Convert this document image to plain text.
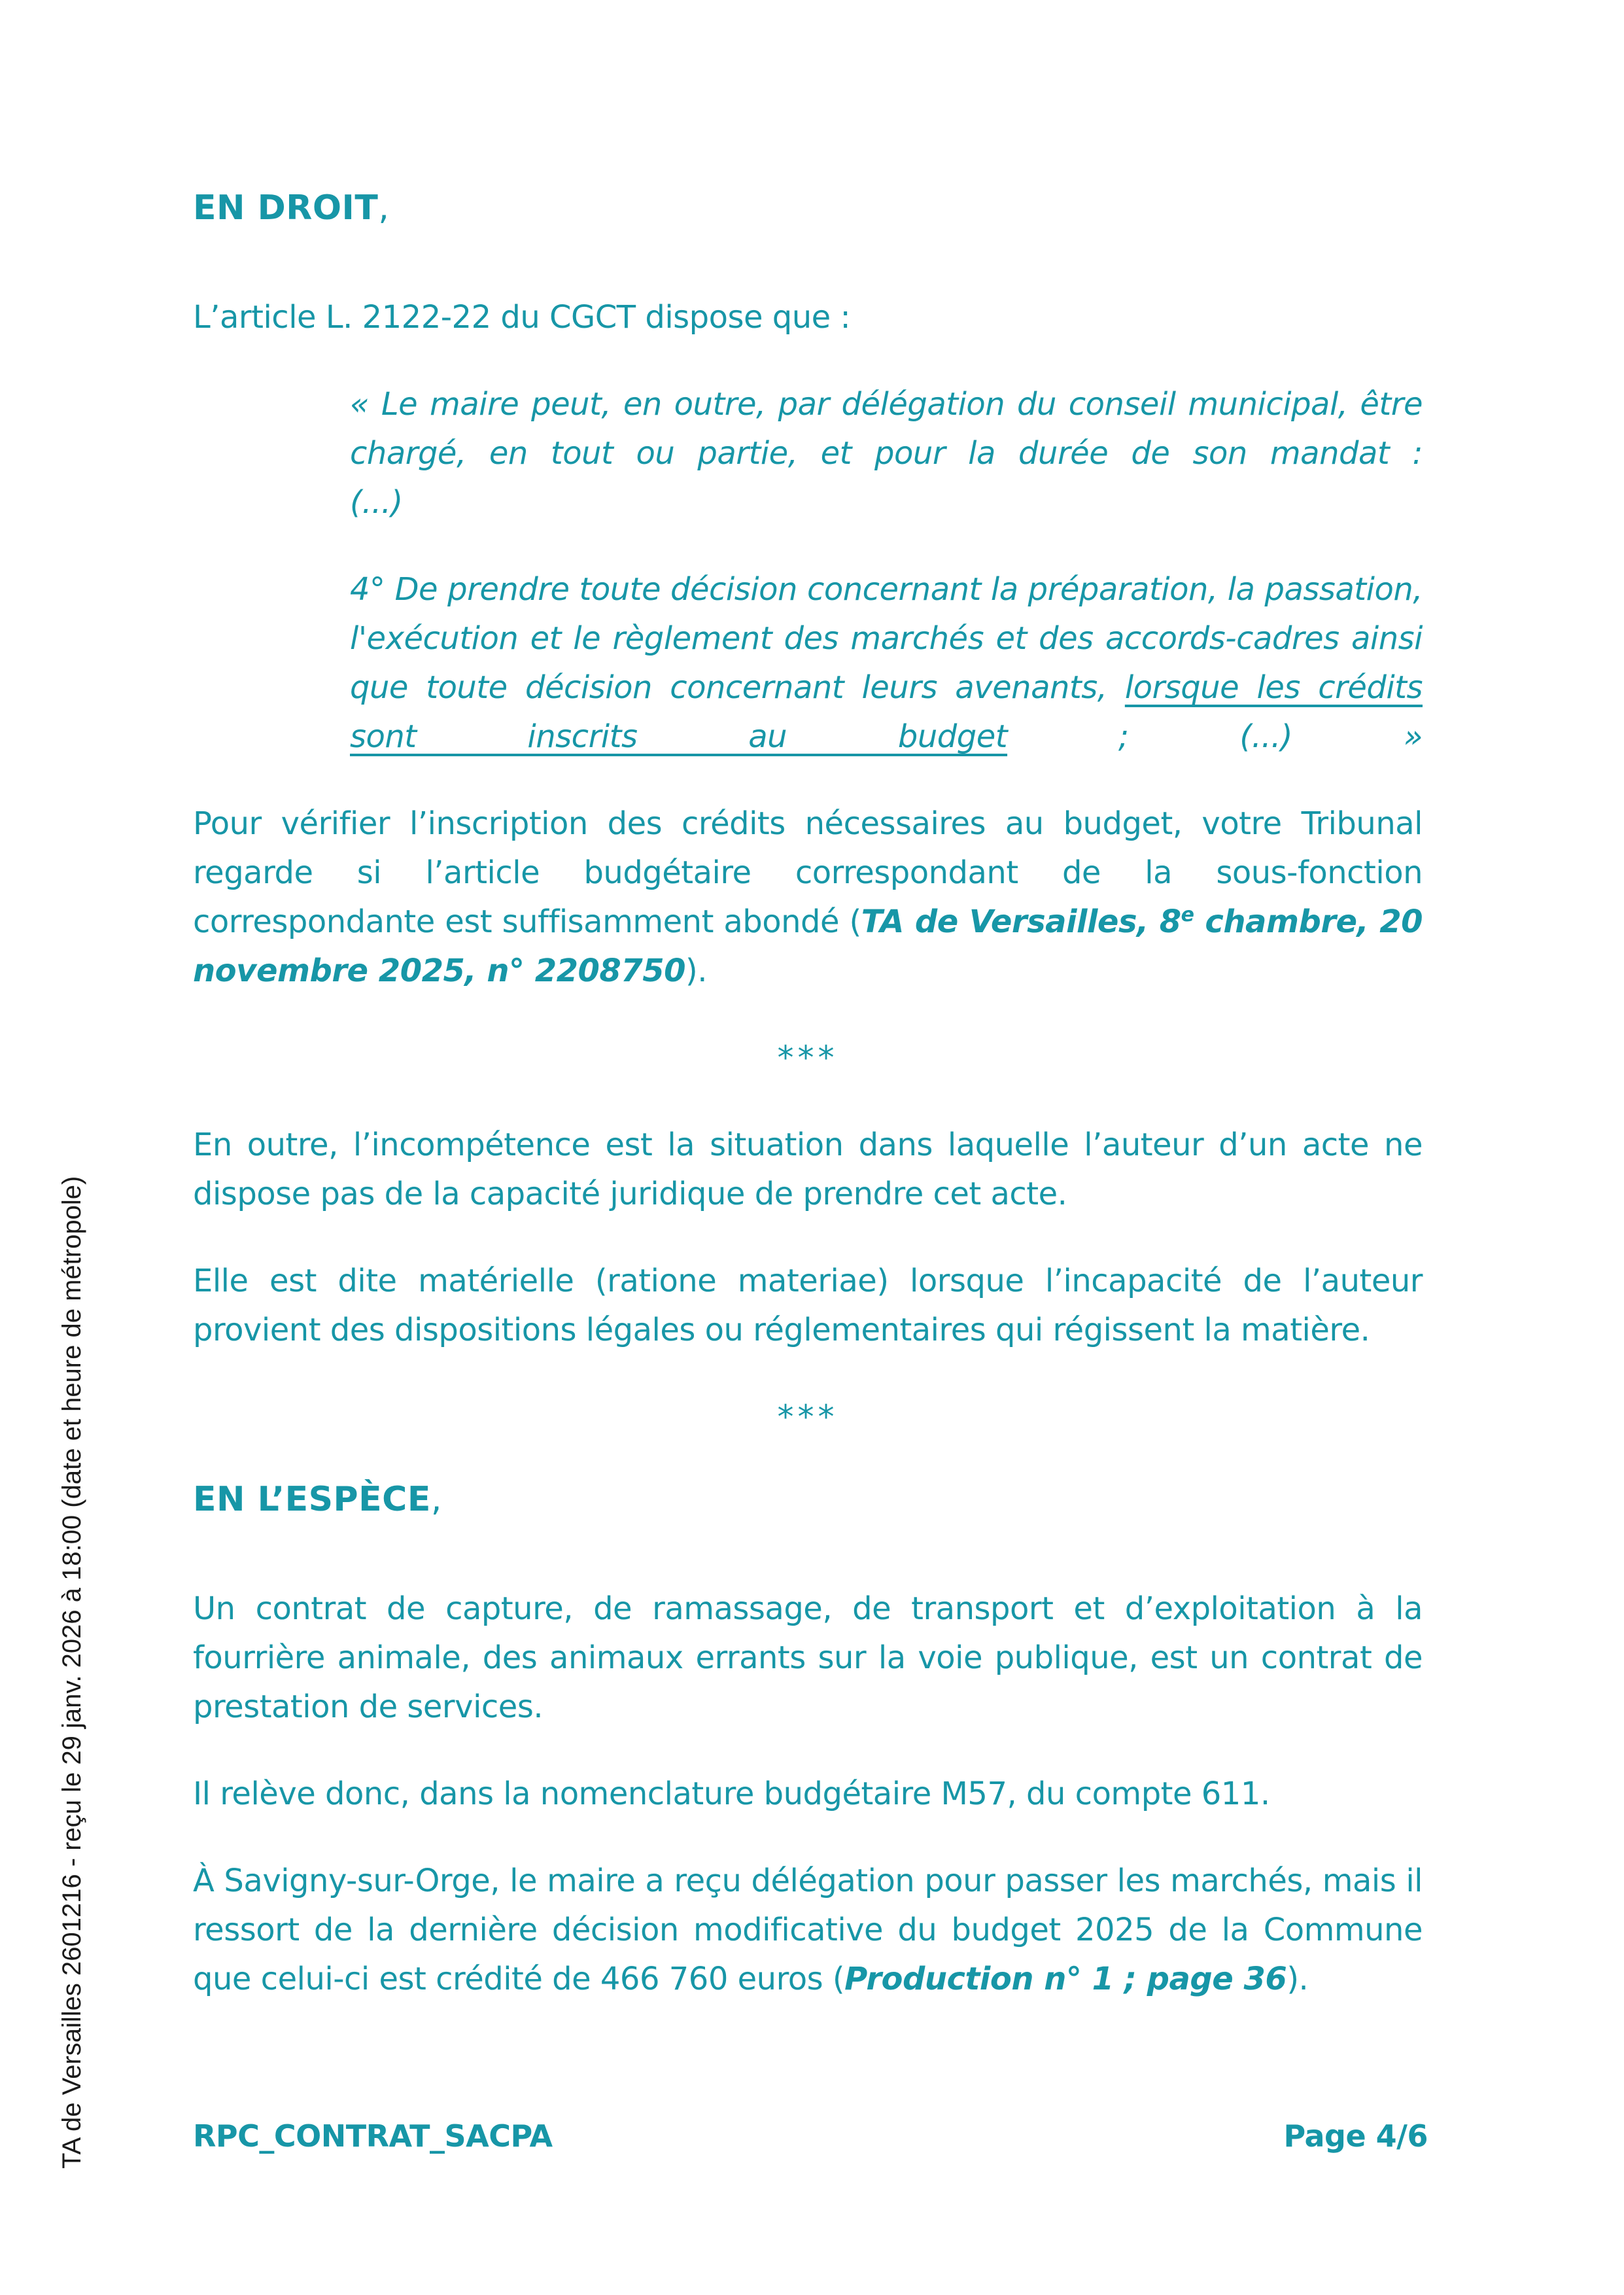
TA de Versailles 2601216 - reçu le 29 janv. 2026 à 18:00 (date et heure de métropole)
EN DROIT,

L’article L. 2122-22 du CGCT dispose que :

« Le maire peut, en outre, par délégation du conseil municipal, être chargé, en tout ou partie, et pour la durée de son mandat :
(...)
4° De prendre toute décision concernant la préparation, la passation, l'exécution et le règlement des marchés et des accords-cadres ainsi que toute décision concernant leurs avenants, lorsque les crédits sont inscrits au budget ; (...) »

Pour vérifier l’inscription des crédits nécessaires au budget, votre Tribunal regarde si l’article budgétaire correspondant de la sous-fonction correspondante est suffisamment abondé (TA de Versailles, 8e chambre, 20 novembre 2025, n° 2208750).

***

En outre, l’incompétence est la situation dans laquelle l’auteur d’un acte ne dispose pas de la capacité juridique de prendre cet acte.

Elle est dite matérielle (ratione materiae) lorsque l’incapacité de l’auteur provient des dispositions légales ou réglementaires qui régissent la matière.

***
EN L’ESPÈCE,

Un contrat de capture, de ramassage, de transport et d’exploitation à la fourrière animale, des animaux errants sur la voie publique, est un contrat de prestation de services.

Il relève donc, dans la nomenclature budgétaire M57, du compte 611.

À Savigny-sur-Orge, le maire a reçu délégation pour passer les marchés, mais il ressort de la dernière décision modificative du budget 2025 de la Commune que celui-ci est crédité de 466 760 euros (Production n° 1 ; page 36).

RPC_CONTRAT_SACPA	Page 4/6
